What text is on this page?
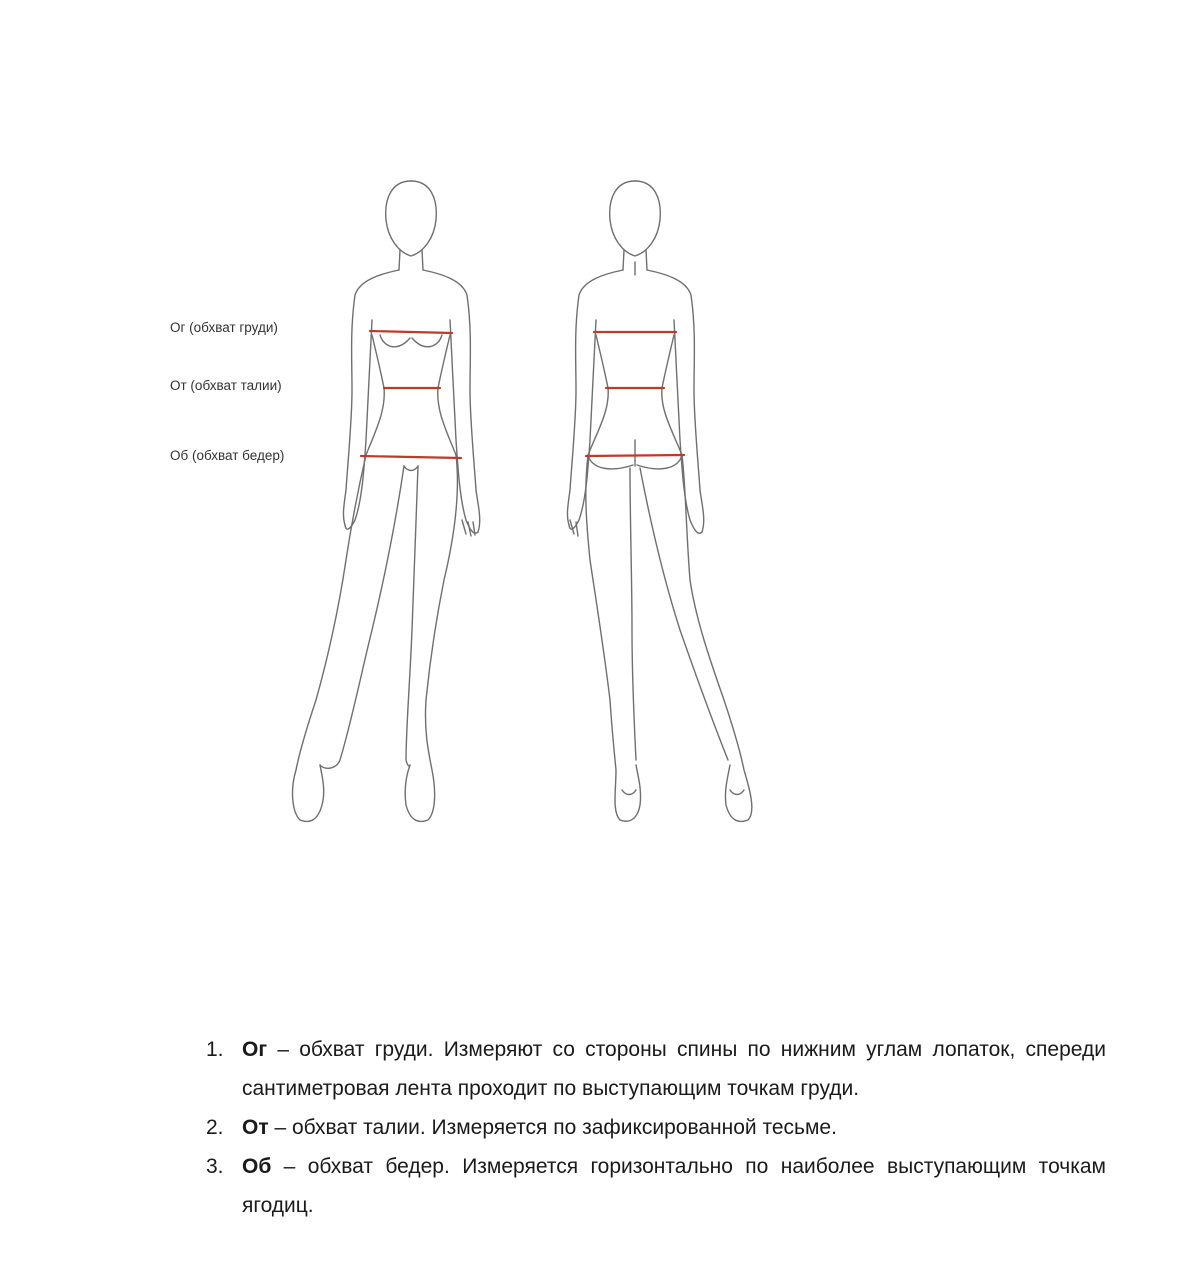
Ог (обхват груди)
От (обхват талии)
Об (обхват бедер)
1. Ог – обхват груди. Измеряют со стороны спины по нижним углам лопаток, спереди сантиметровая лента проходит по выступающим точкам груди.
2. От – обхват талии. Измеряется по зафиксированной тесьме.
3. Об – обхват бедер. Измеряется горизонтально по наиболее выступающим точкам ягодиц.
